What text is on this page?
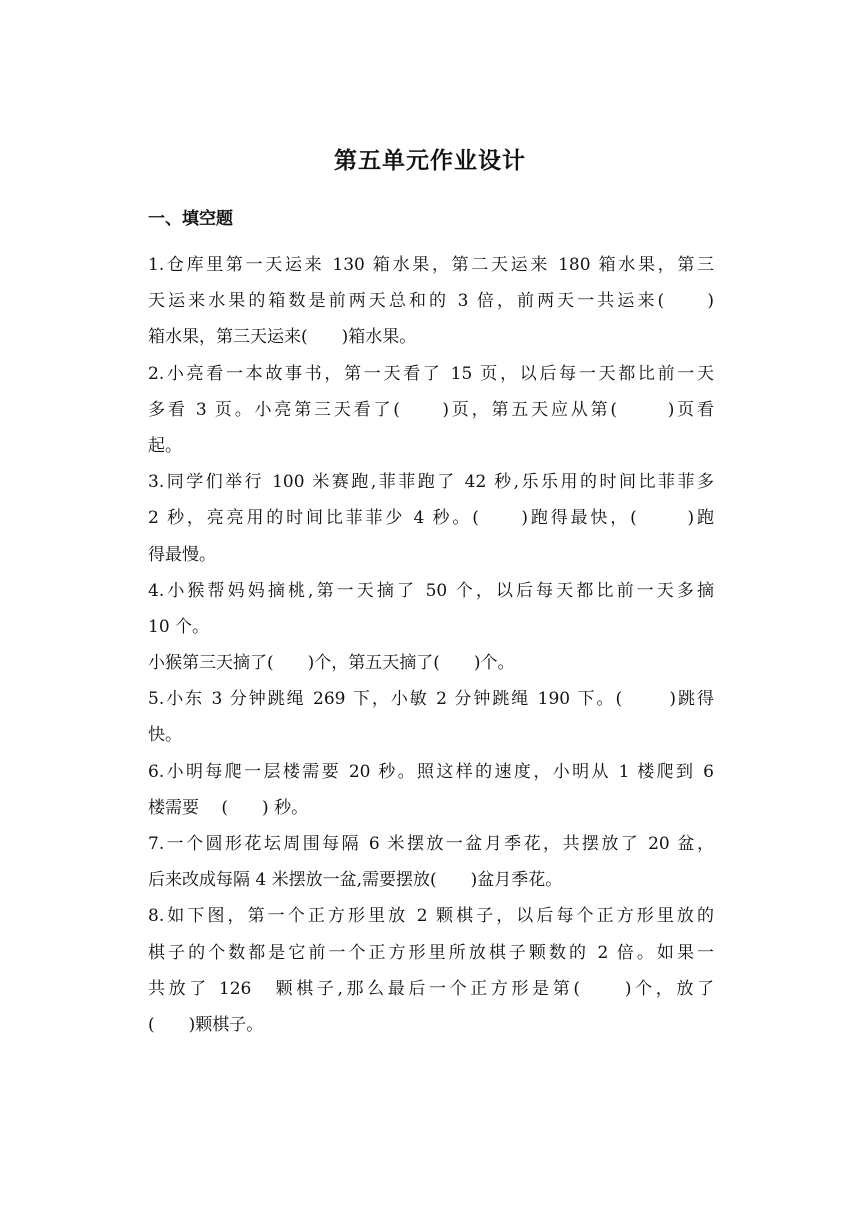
第五单元作业设计
一、填空题
1.仓库里第一天运来 130 箱水果，第二天运来 180 箱水果，第三
天运来水果的箱数是前两天总和的 3 倍，前两天一共运来(　　)
箱水果，第三天运来(　　)箱水果。
2.小亮看一本故事书，第一天看了 15 页，以后每一天都比前一天
多看 3 页。小亮第三天看了(　　)页，第五天应从第(　　 )页看
起。
3.同学们举行 100 米赛跑,菲菲跑了 42 秒,乐乐用的时间比菲菲多
2 秒，亮亮用的时间比菲菲少 4 秒。(　　)跑得最快，(　　 )跑
得最慢。
4.小猴帮妈妈摘桃,第一天摘了 50 个，以后每天都比前一天多摘
10 个。
小猴第三天摘了(　　)个，第五天摘了(　　)个。
5.小东 3 分钟跳绳 269 下，小敏 2 分钟跳绳 190 下。(　　 )跳得
快。
6.小明每爬一层楼需要 20 秒。照这样的速度，小明从 1 楼爬到 6
楼需要　 (　　) 秒。
7.一个圆形花坛周围每隔 6 米摆放一盆月季花，共摆放了 20 盆，
后来改成每隔 4 米摆放一盆,需要摆放(　　)盆月季花。
8.如下图，第一个正方形里放 2 颗棋子，以后每个正方形里放的
棋子的个数都是它前一个正方形里所放棋子颗数的 2 倍。如果一
共放了 126　颗棋子,那么最后一个正方形是第(　　)个，放了
(　　)颗棋子。
